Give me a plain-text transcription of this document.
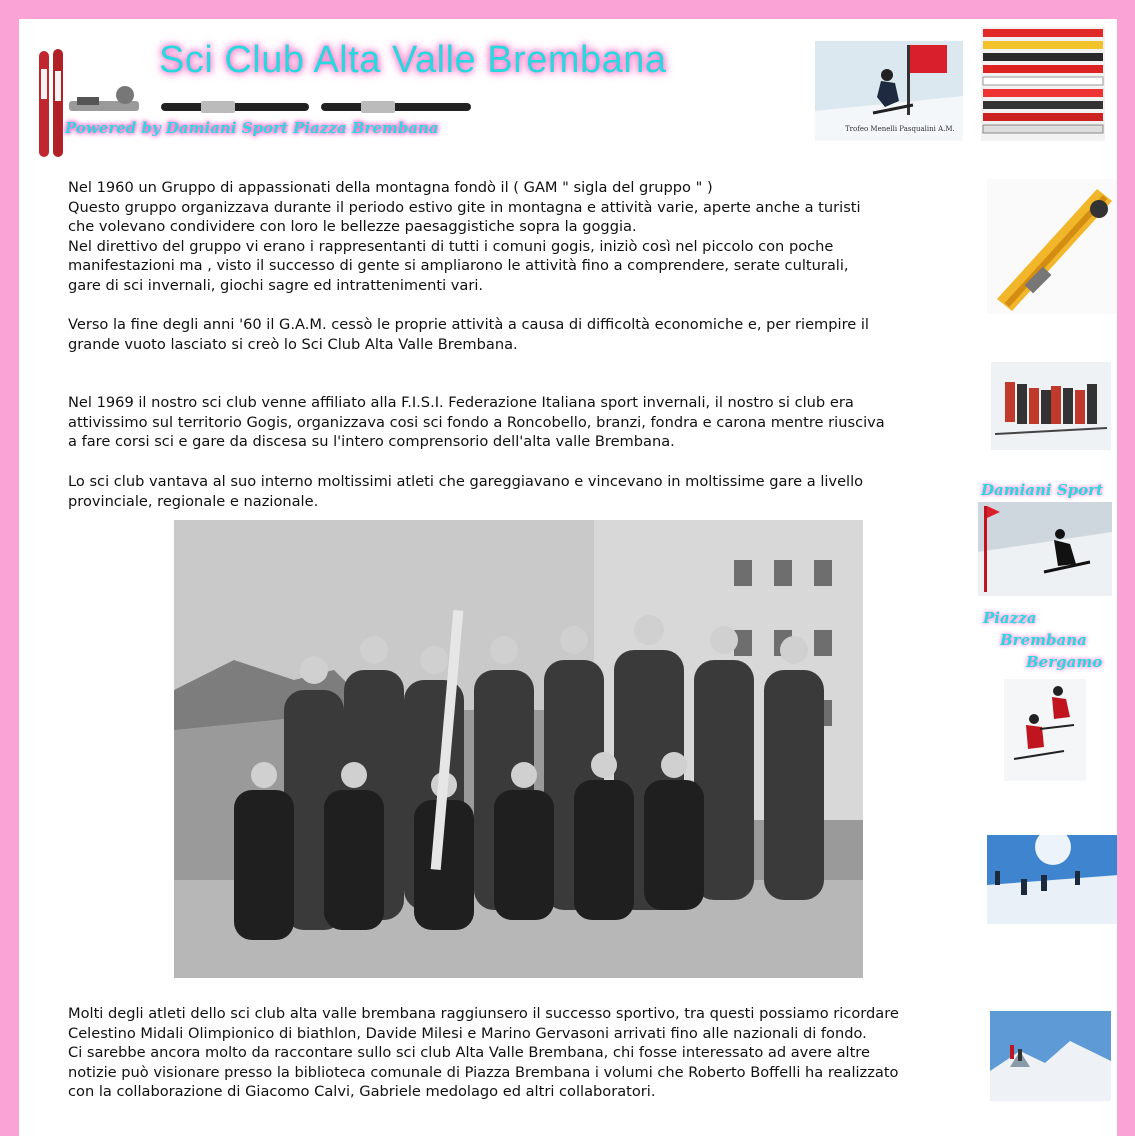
Sci Club Alta Valle Brembana
Powered by Damiani Sport Piazza Brembana	Trofeo Menelli Pasqualini A.M.
Nel 1960 un Gruppo di appassionati della montagna fondò il ( GAM " sigla del gruppo " )
Questo gruppo organizzava durante il periodo estivo gite in montagna e attività varie, aperte anche a turisti
che volevano condividere con loro le bellezze paesaggistiche sopra la goggia.
Nel direttivo del gruppo vi erano i rappresentanti di tutti i comuni gogis, iniziò così nel piccolo con poche
manifestazioni ma , visto il successo di gente si ampliarono le attività fino a comprendere, serate culturali,
gare di sci invernali, giochi sagre ed intrattenimenti vari.
Verso la fine degli anni '60 il G.A.M. cessò le proprie attività a causa di difficoltà economiche e, per riempire il
grande vuoto lasciato si creò lo Sci Club Alta Valle Brembana.
Nel 1969 il nostro sci club venne affiliato alla F.I.S.I. Federazione Italiana sport invernali, il nostro si club era
attivissimo sul territorio Gogis, organizzava cosi sci fondo a Roncobello, branzi, fondra e carona mentre riusciva
a fare corsi sci e gare da discesa su l'intero comprensorio dell'alta valle Brembana.
Lo sci club vantava al suo interno moltissimi atleti che gareggiavano e vincevano in moltissime gare a livello
provinciale, regionale e nazionale.
Molti degli atleti dello sci club alta valle brembana raggiunsero il successo sportivo, tra questi possiamo ricordare
Celestino Midali Olimpionico di biathlon, Davide Milesi e Marino Gervasoni arrivati fino alle nazionali di fondo.
Ci sarebbe ancora molto da raccontare sullo sci club Alta Valle Brembana, chi fosse interessato ad avere altre
notizie può visionare presso la biblioteca comunale di Piazza Brembana i volumi che Roberto Boffelli ha realizzato
con la collaborazione di Giacomo Calvi, Gabriele medolago ed altri collaboratori.
Damiani Sport
Piazza
Brembana
Bergamo
